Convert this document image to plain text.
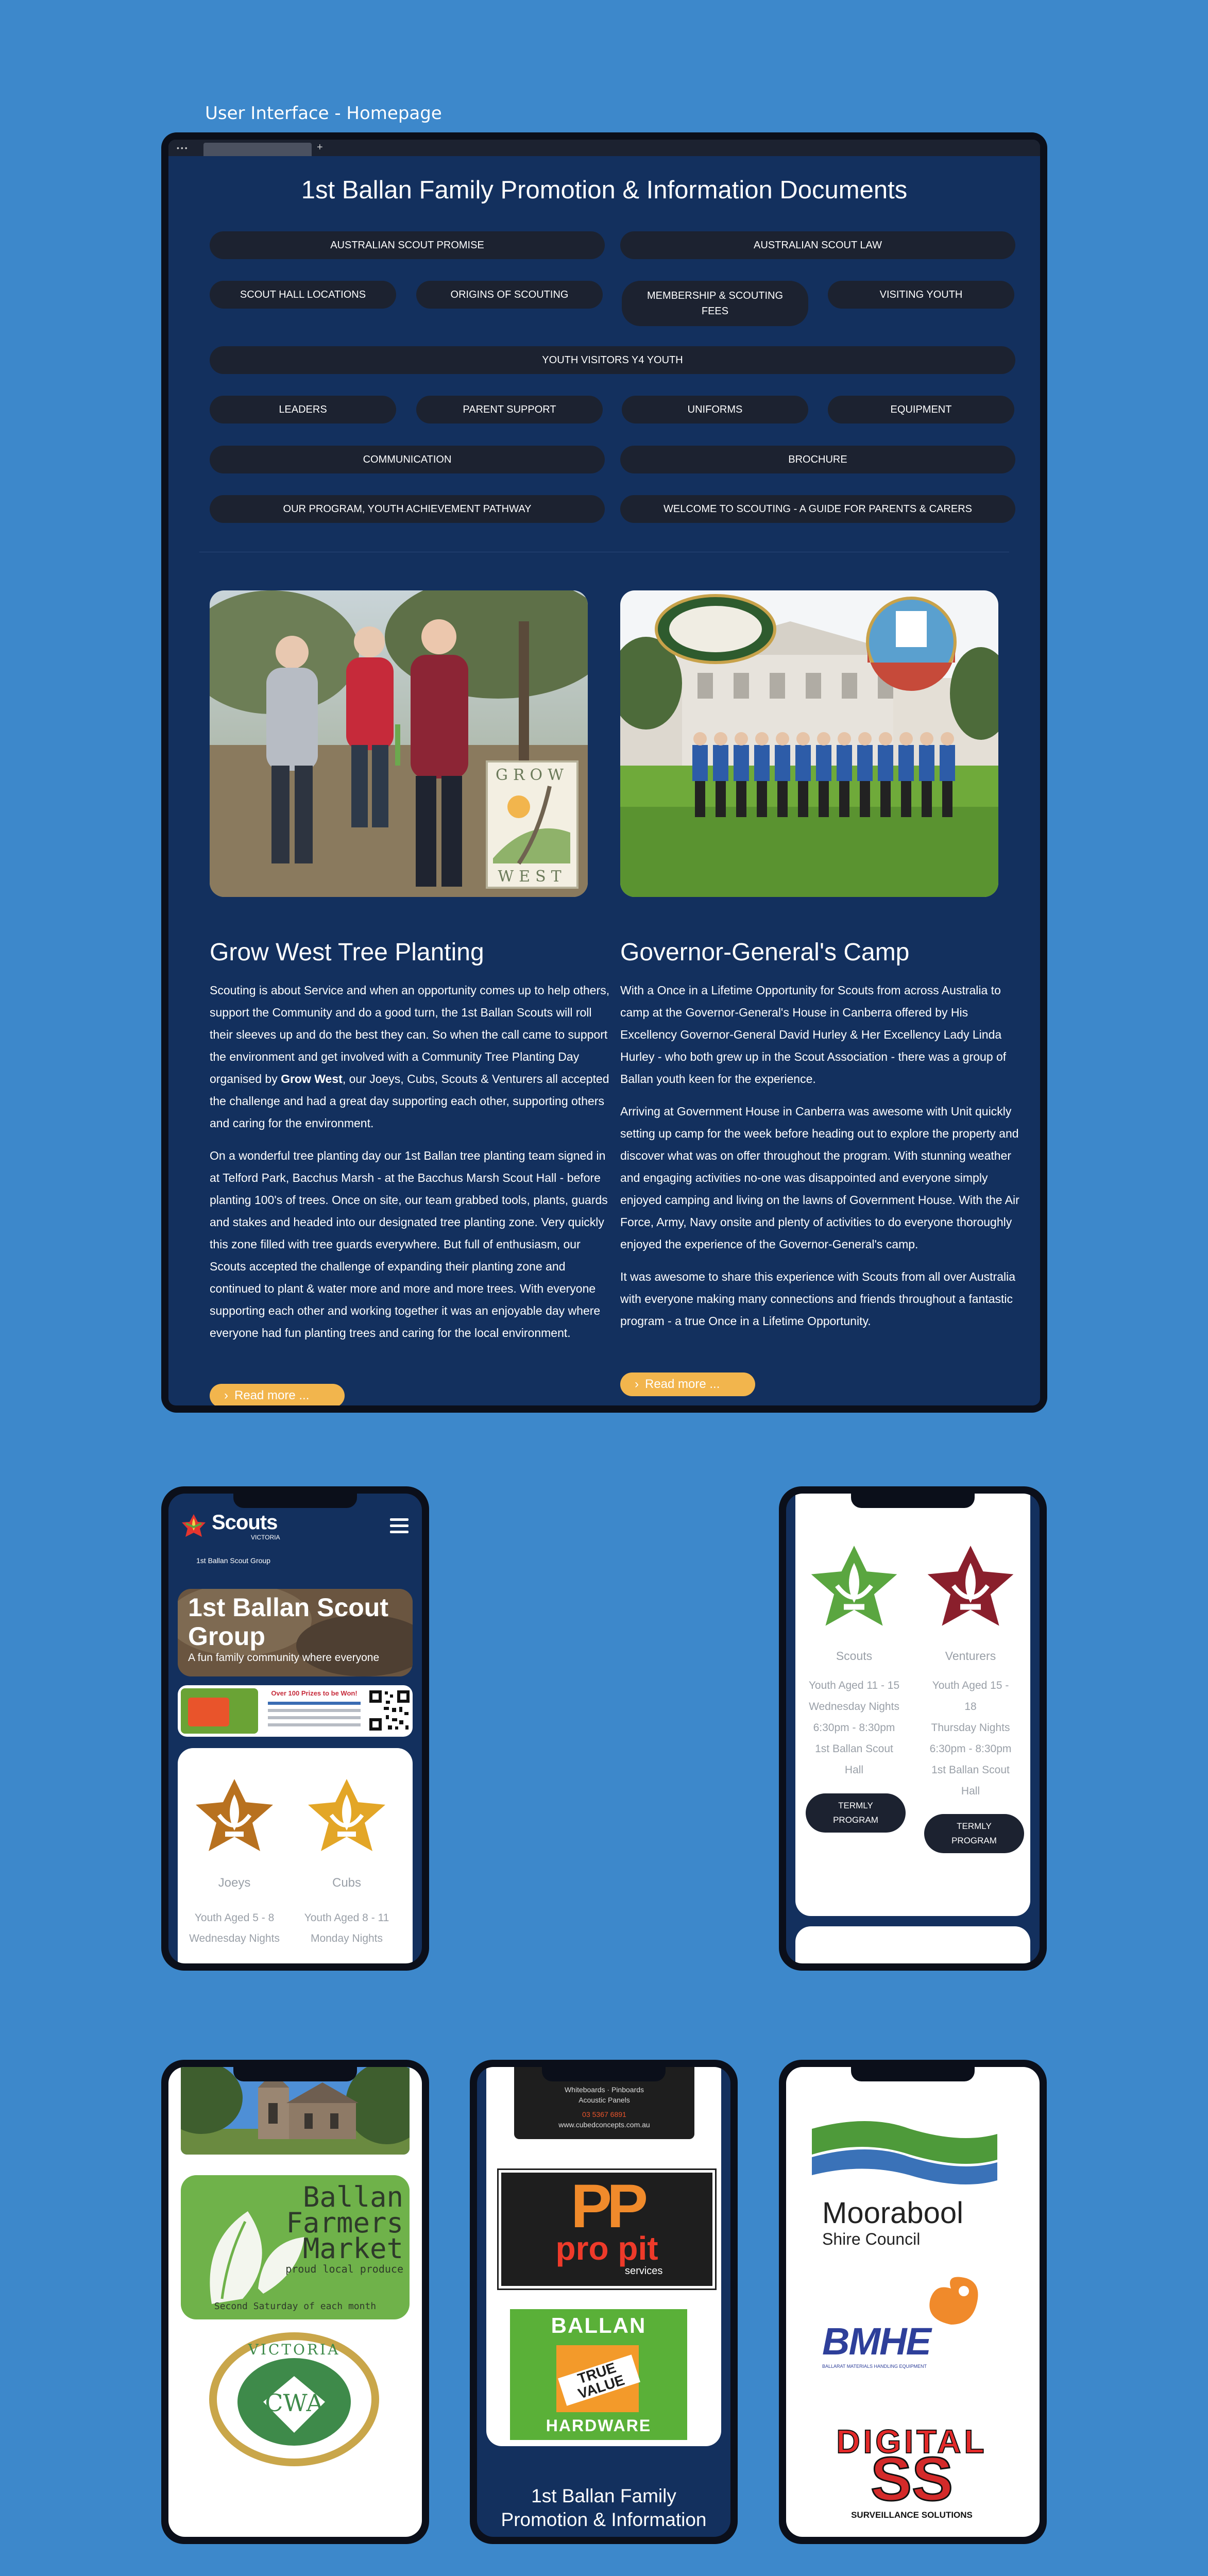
User Interface - Homepage
•••	+
1st Ballan Family Promotion & Information Documents
AUSTRALIAN SCOUT PROMISE	AUSTRALIAN SCOUT LAW
SCOUT HALL LOCATIONS	ORIGINS OF SCOUTING	MEMBERSHIP & SCOUTING FEES
VISITING YOUTH
YOUTH VISITORS Y4 YOUTH
LEADERS	PARENT SUPPORT	UNIFORMS	EQUIPMENT
COMMUNICATION	BROCHURE
OUR PROGRAM, YOUTH ACHIEVEMENT PATHWAY	WELCOME TO SCOUTING - A GUIDE FOR PARENTS & CARERS
GROW
WEST
Grow West Tree Planting

Scouting is about Service and when an opportunity comes up to help others, support the Community and do a good turn, the 1st Ballan Scouts will roll their sleeves up and do the best they can. So when the call came to support the environment and get involved with a Community Tree Planting Day organised by Grow West, our Joeys, Cubs, Scouts & Venturers all accepted the challenge and had a great day supporting each other, supporting others and caring for the environment.

On a wonderful tree planting day our 1st Ballan tree planting team signed in at Telford Park, Bacchus Marsh - at the Bacchus Marsh Scout Hall - before planting 100's of trees. Once on site, our team grabbed tools, plants, guards and stakes and headed into our designated tree planting zone. Very quickly this zone filled with tree guards everywhere. But full of enthusiasm, our Scouts accepted the challenge of expanding their planting zone and continued to plant & water more and more and more trees. With everyone supporting each other and working together it was an enjoyable day where everyone had fun planting trees and caring for the local environment.

› Read more ...
Governor-General's Camp

With a Once in a Lifetime Opportunity for Scouts from across Australia to camp at the Governor-General's House in Canberra offered by His Excellency Governor-General David Hurley & Her Excellency Lady Linda Hurley - who both grew up in the Scout Association - there was a group of Ballan youth keen for the experience.

Arriving at Government House in Canberra was awesome with Unit quickly setting up camp for the week before heading out to explore the property and discover what was on offer throughout the program. With stunning weather and engaging activities no-one was disappointed and everyone simply enjoyed camping and living on the lawns of Government House. With the Air Force, Army, Navy onsite and plenty of activities to do everyone thoroughly enjoyed the experience of the Governor-General's camp.

It was awesome to share this experience with Scouts from all over Australia with everyone making many connections and friends throughout a fantastic program - a true Once in a Lifetime Opportunity.

› Read more ...
Scouts
VICTORIA
1st Ballan Scout Group
1st Ballan Scout Group
A fun family community where everyone
Over 100 Prizes to be Won!
Joeys	Cubs
Youth Aged 5 - 8
Wednesday Nights
Youth Aged 8 - 11
Monday Nights
Scouts	Venturers
Youth Aged 11 - 15
Wednesday Nights
6:30pm - 8:30pm
1st Ballan Scout
Hall
Youth Aged 15 -
18
Thursday Nights
6:30pm - 8:30pm
1st Ballan Scout
Hall
TERMLY PROGRAM
TERMLY PROGRAM
Ballan
Farmers
Market
proud local produce
Second Saturday of each month
CWA
VICTORIA
Whiteboards · Pinboards
Acoustic Panels
03 5367 6891
www.cubedconcepts.com.au
PP
pro pit
services
BALLAN
TRUE VALUE
HARDWARE
1st Ballan Family Promotion & Information
Moorabool
Shire Council
BMHE
BALLARAT MATERIALS HANDLING EQUIPMENT
DIGITAL
SS
SURVEILLANCE SOLUTIONS
